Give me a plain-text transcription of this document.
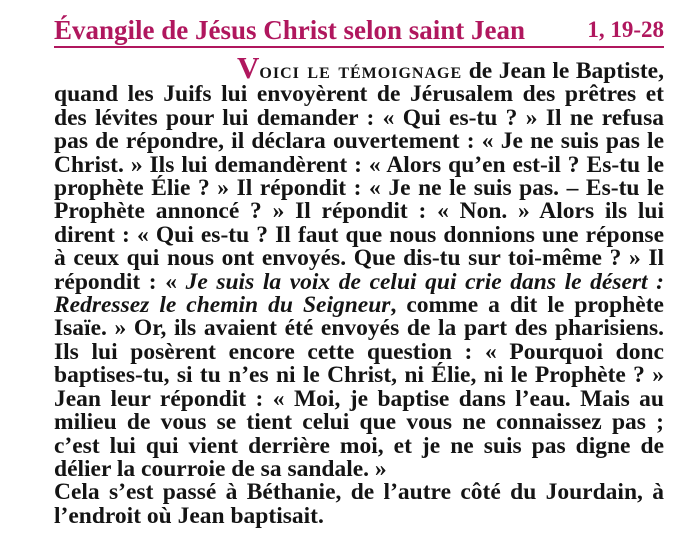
Évangile de Jésus Christ selon saint Jean	1, 19-28

Voici le témoignage de Jean le Baptiste, quand les Juifs lui envoyèrent de Jérusalem des prêtres et des lévites pour lui demander : « Qui es-tu ? » Il ne refusa pas de répondre, il déclara ouvertement : « Je ne suis pas le Christ. » Ils lui demandèrent : « Alors qu’en est-il ? Es-tu le prophète Élie ? » Il répondit : « Je ne le suis pas. – Es-tu le Prophète annoncé ? » Il répondit : « Non. » Alors ils lui dirent : « Qui es-tu ? Il faut que nous donnions une réponse à ceux qui nous ont envoyés. Que dis-tu sur toi-même ? » Il répondit : « Je suis la voix de celui qui crie dans le désert : Redressez le chemin du Seigneur, comme a dit le prophète Isaïe. » Or, ils avaient été envoyés de la part des pharisiens. Ils lui posèrent encore cette question : « Pourquoi donc baptises-tu, si tu n’es ni le Christ, ni Élie, ni le Prophète ? » Jean leur répondit : « Moi, je baptise dans l’eau. Mais au milieu de vous se tient celui que vous ne connaissez pas ; c’est lui qui vient derrière moi, et je ne suis pas digne de délier la courroie de sa sandale. »

Cela s’est passé à Béthanie, de l’autre côté du Jourdain, à l’endroit où Jean baptisait.
